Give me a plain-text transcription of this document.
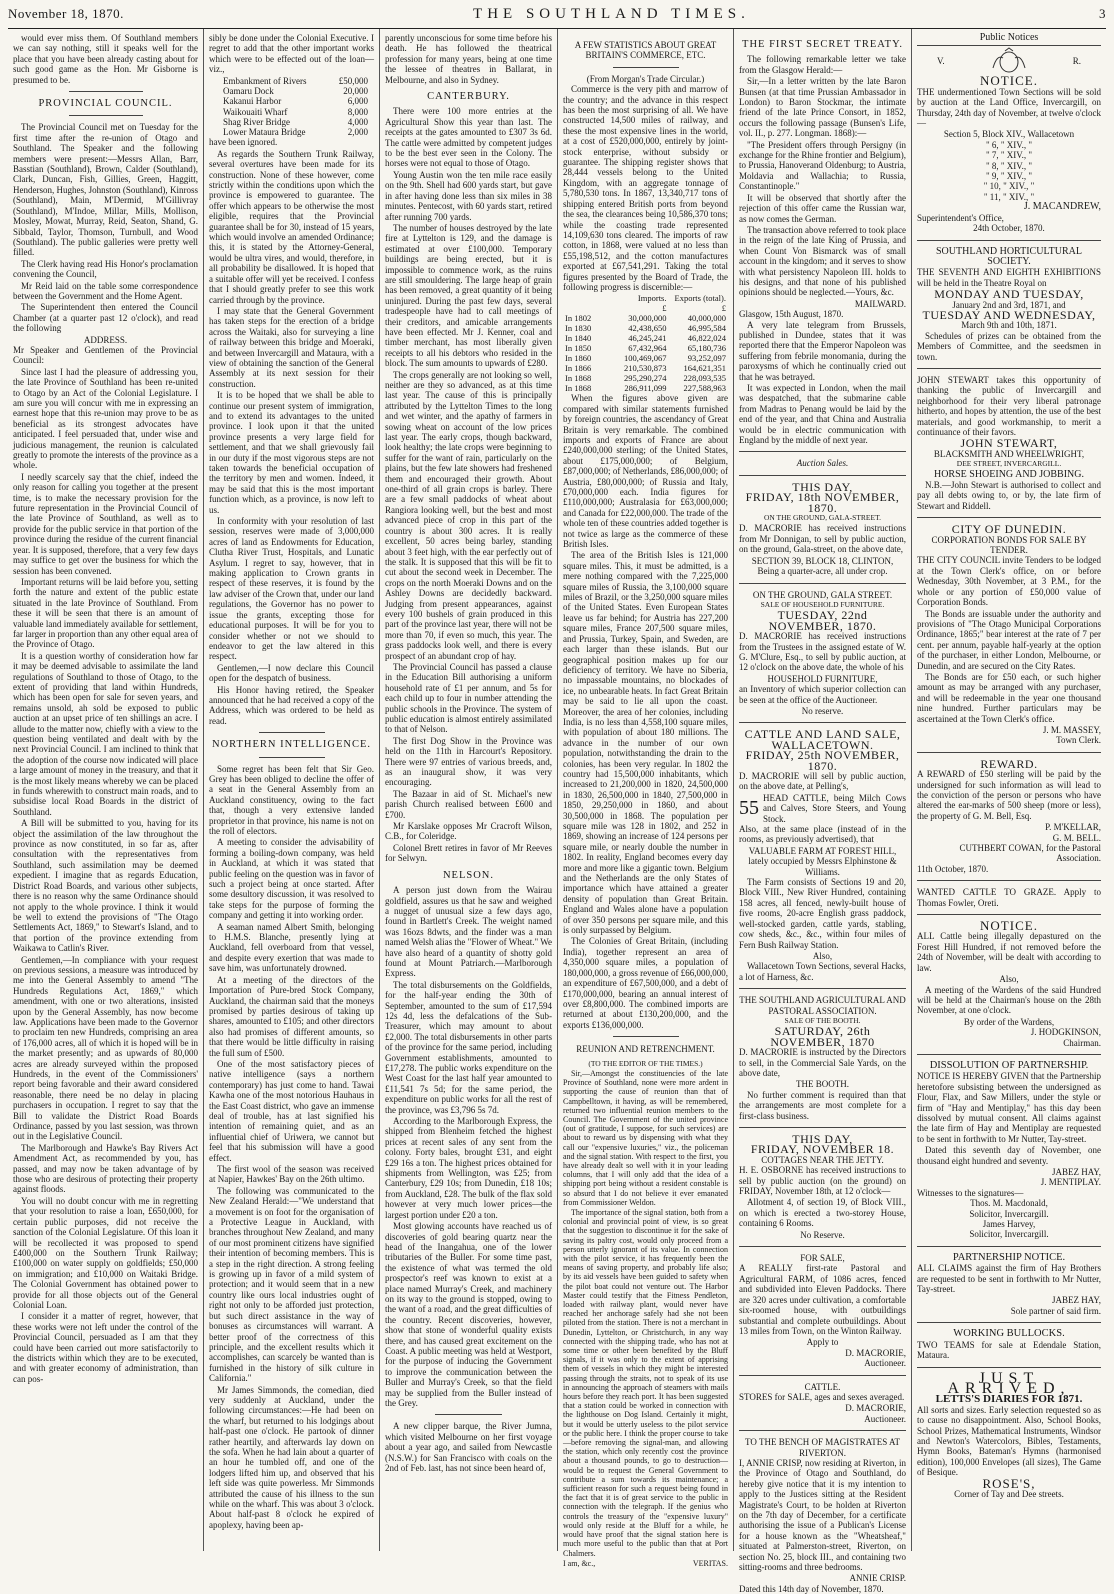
November 18, 1870.	THE SOUTHLAND TIMES.	3

would ever miss them. Of Southland members we can say nothing, still it speaks well for the place that you have been already casting about for such good game as the Hon. Mr Gisborne is presumed to be.

PROVINCIAL COUNCIL.

The Provincial Council met on Tuesday for the first time after the re-union of Otago and Southland. The Speaker and the following members were present:—Messrs Allan, Barr, Basstian (Southland), Brown, Calder (Southland), Clark, Duncan, Fish, Gillies, Green, Haggitt, Henderson, Hughes, Johnston (Southland), Kinross (Southland), Main, M'Dermid, M'Gillivray (Southland), M'Indoe, Millar, Mills, Mollison, Mosley, Mowat, Murray, Reid, Seaton, Shand, G. Sibbald, Taylor, Thomson, Turnbull, and Wood (Southland). The public galleries were pretty well filled.

The Clerk having read His Honor's proclamation convening the Council,

Mr Reid laid on the table some correspondence between the Government and the Home Agent.

The Superintendent then entered the Council Chamber (at a quarter past 12 o'clock), and read the following

ADDRESS.

Mr Speaker and Gentlemen of the Provincial Council:

Since last I had the pleasure of addressing you, the late Province of Southland has been re-united to Otago by an Act of the Colonial Legislature. I am sure you will concur with me in expressing an earnest hope that this re-union may prove to be as beneficial as its strongest advocates have anticipated. I feel persuaded that, under wise and judicious management, the reunion is calculated greatly to promote the interests of the province as a whole.

I needly scarcely say that the chief, indeed the only reason for calling you together at the present time, is to make the necessary provision for the future representation in the Provincial Council of the late Province of Southland, as well as to provide for the public service in that portion of the province during the residue of the current financial year. It is supposed, therefore, that a very few days may suffice to get over the business for which the session has been convened.

Important returns will be laid before you, setting forth the nature and extent of the public estate situated in the late Province of Southland. From these it will be seen that there is an amount of valuable land immediately available for settlement, far larger in proportion than any other equal area of the Province of Otago.

It is a question worthy of consideration how far it may be deemed advisable to assimilate the land regulations of Southland to those of Otago, to the extent of providing that land within Hundreds, which has been open for sale for seven years, and remains unsold, ah sold be exposed to public auction at an upset price of ten shillings an acre. I allude to the matter now, chiefly with a view to the question being ventilated and dealt with by the next Provincial Council. I am inclined to think that the adoption of the course now indicated will place a large amount of money in the treasury, and that it is the most likely means whereby we can be placed in funds wherewith to construct main roads, and to subsidise local Road Boards in the district of Southland.

A Bill will be submitted to you, having for its object the assimilation of the law throughout the province as now constituted, in so far as, after consultation with the representatives from Southland, such assimilation may be deemed expedient. I imagine that as regards Education, District Road Boards, and various other subjects, there is no reason why the same Ordinance should not apply to the whole province. I think it would be well to extend the provisions of "The Otago Settlements Act, 1869," to Stewart's Island, and to that portion of the province extending from Waikawa to Catlin's River.

Gentlemen,—In compliance with your request on previous sessions, a measure was introduced by me into the General Assembly to amend "The Hundreds Regulations Act, 1869," which amendment, with one or two alterations, insisted upon by the General Assembly, has now become law. Applications have been made to the Governor to proclaim ten new Hundreds, comprising an area of 176,000 acres, all of which it is hoped will be in the market presently; and as upwards of 80,000 acres are already surveyed within the proposed Hundreds, in the event of the Commissioners' report being favorable and their award considered reasonable, there need be no delay in placing purchasers in occupation. I regret to say that the Bill to validate the District Road Boards Ordinance, passed by you last session, was thrown out in the Legislative Council.

The Marlborough and Hawke's Bay Rivers Act Amendment Act, as recommended by you, has passed, and may now be taken advantage of by those who are desirous of protecting their property against floods.

You will no doubt concur with me in regretting that your resolution to raise a loan, £650,000, for certain public purposes, did not receive the sanction of the Colonial Legislature. Of this loan it will be recollected it was proposed to spend £400,000 on the Southern Trunk Railway; £100,000 on water supply on goldfields; £50,000 on immigration; and £10,000 on Waitaki Bridge. The Colonial Government has obtained power to provide for all those objects out of the General Colonial Loan.

I consider it a matter of regret, however, that these works were not left under the control of the Provincial Council, persuaded as I am that they could have been carried out more satisfactorily to the districts within which they are to be executed, and with greater economy of administration, than can pos-

sibly be done under the Colonial Executive. I regret to add that the other important works which were to be effected out of the loan—viz.,

Embankment of Rivers	£50,000
Oamaru Dock	20,000
Kakanui Harbor	6,000
Waikouaiti Wharf	8,000
Shag River Bridge	4,000
Lower Mataura Bridge	2,000

have been ignored.

As regards the Southern Trunk Railway, several overtures have been made for its construction. None of these however, come strictly within the conditions upon which the province is empowered to guarantee. The offer which appears to be otherwise the most eligible, requires that the Provincial guarantee shall be for 30, instead of 15 years, which would involve an amended Ordinance; this, it is stated by the Attorney-General, would be ultra vires, and would, therefore, in all probability be disallowed. It is hoped that a suitable offer will yet be received. I confess that I should greatly prefer to see this work carried through by the province.

I may state that the General Government has taken steps for the erection of a bridge across the Waitaki, also for surveying a line of railway between this bridge and Moeraki, and between Invercargill and Mataura, with a view of obtaining the sanction of the General Assembly at its next session for their construction.

It is to be hoped that we shall be able to continue our present system of immigration, and to extend its advantages to the united province. I look upon it that the united province presents a very large field for settlement, and that we shall grievously fail in our duty if the most vigorous steps are not taken towards the beneficial occupation of the territory by men and women. Indeed, it may be said that this is the most important function which, as a province, is now left to us.

In conformity with your resolution of last session, reserves were made of 3,000,000 acres of land as Endowments for Education, Clutha River Trust, Hospitals, and Lunatic Asylum. I regret to say, however, that in making application to Crown grants in respect of these reserves, it is found by the law adviser of the Crown that, under our land regulations, the Governor has no power to issue the grants, excepting those for educational purposes. It will be for you to consider whether or not we should to endeavor to get the law altered in this respect.

Gentlemen,—I now declare this Council open for the despatch of business.

His Honor having retired, the Speaker announced that he had received a copy of the Address, which was ordered to be held as read.

NORTHERN INTELLIGENCE.

Some regret has been felt that Sir Geo. Grey has been obliged to decline the offer of a seat in the General Assembly from an Auckland constituency, owing to the fact that, though a very extensive landed proprietor in that province, his name is not on the roll of electors.

A meeting to consider the advisability of forming a boiling-down company, was held in Auckland, at which it was stated that public feeling on the question was in favor of such a project being at once started. After some desultory discussion, it was resolved to take steps for the purpose of forming the company and getting it into working order.

A seaman named Albert Smith, belonging to H.M.S. Blanche, presently lying at Auckland, fell overboard from that vessel, and despite every exertion that was made to save him, was unfortunately drowned.

At a meeting of the directors of the Importation of Pure-bred Stock Company, Auckland, the chairman said that the moneys promised by parties desirous of taking up shares, amounted to £105; and other directors also had promises of different amounts, so that there would be little difficulty in raising the full sum of £500.

One of the most satisfactory pieces of native intelligence (says a northern contemporary) has just come to hand. Tawai Kawha one of the most notorious Hauhaus in the East Coast district, who gave an immense deal of trouble, has at last signified his intention of remaining quiet, and as an influential chief of Uriwera, we cannot but feel that his submission will have a good effect.

The first wool of the season was received at Napier, Hawkes' Bay on the 26th ultimo.

The following was communicated to the New Zealand Herald:—"We understand that a movement is on foot for the organisation of a Protective League in Auckland, with branches throughout New Zealand, and many of our most prominent citizens have signified their intention of becoming members. This is a step in the right direction. A strong feeling is growing up in favor of a mild system of protection; and it would seem that in a new country like ours local industries ought of right not only to be afforded just protection, but such direct assistance in the way of bonuses as circumstances will warrant. A better proof of the correctness of this principle, and the excellent results which it accomplishes, can scarcely be wanted than is furnished in the history of silk culture in California."

Mr James Simmonds, the comedian, died very suddenly at Auckland, under the following circumstances:—He had been on the wharf, but returned to his lodgings about half-past one o'clock. He partook of dinner rather heartily, and afterwards lay down on the sofa. When he had lain about a quarter of an hour he tumbled off, and one of the lodgers lifted him up, and observed that his left side was quite powerless. Mr Simmonds attributed the cause of his illness to the sun while on the wharf. This was about 3 o'clock. About half-past 8 o'clock he expired of apoplexy, having been ap-

parently unconscious for some time before his death. He has followed the theatrical profession for many years, being at one time the lessee of theatres in Ballarat, in Melbourne, and also in Sydney.

CANTERBURY.

There were 100 more entries at the Agricultural Show this year than last. The receipts at the gates amounted to £307 3s 6d. The cattle were admitted by competent judges to be the best ever seen in the Colony. The horses were not equal to those of Otago.

Young Austin won the ten mile race easily on the 9th. Shell had 600 yards start, but gave in after having done less than six miles in 38 minutes. Pentecost, with 60 yards start, retired after running 700 yards.

The number of houses destroyed by the late fire at Lyttelton is 129, and the damage is estimated at over £100,000. Temporary buildings are being erected, but it is impossible to commence work, as the ruins are still smouldering. The large heap of grain has been removed, a great quantity of it being uninjured. During the past few days, several tradespeople have had to call meetings of their creditors, and amicable arrangements have been effected. Mr J. Kenner, coal and timber merchant, has most liberally given receipts to all his debtors who resided in the block. The sum amounts to upwards of £280.

The crops generally are not looking so well, neither are they so advanced, as at this time last year. The cause of this is principally attributed by the Lyttelton Times to the long and wet winter, and the apathy of farmers in sowing wheat on account of the low prices last year. The early crops, though backward, look healthy; the late crops were beginning to suffer for the want of rain, particularly on the plains, but the few late showers had freshened them and encouraged their growth. About one-third of all grain crops is barley. There are a few small paddocks of wheat about Rangiora looking well, but the best and most advanced piece of crop in this part of the country is about 300 acres. It is really excellent, 50 acres being barley, standing about 3 feet high, with the ear perfectly out of the stalk. It is supposed that this will be fit to cut about the second week in December. The crops on the north Moeraki Downs and on the Ashley Downs are decidedly backward. Judging from present appearances, against every 100 bushels of grain produced in this part of the province last year, there will not be more than 70, if even so much, this year. The grass paddocks look well, and there is every prospect of an abundant crop of hay.

The Provincial Council has passed a clause in the Education Bill authorising a uniform household rate of £1 per annum, and 5s for each child up to four in number attending the public schools in the Province. The system of public education is almost entirely assimilated to that of Nelson.

The first Dog Show in the Province was held on the 11th in Harcourt's Repository. There were 97 entries of various breeds, and, as an inaugural show, it was very encouraging.

The Bazaar in aid of St. Michael's new parish Church realised between £600 and £700.

Mr Karslake opposes Mr Cracroft Wilson, C.B., for Coleridge.

Colonel Brett retires in favor of Mr Reeves for Selwyn.

NELSON.

A person just down from the Wairau goldfield, assures us that he saw and weighed a nugget of unusual size a few days ago, found in Bartlett's Creek. The weight named was 16ozs 8dwts, and the finder was a man named Welsh alias the "Flower of Wheat." We have also heard of a quantity of shotty gold found at Mount Patriarch.—Marlborough Express.

The total disbursements on the Goldfields, for the half-year ending the 30th of September, amounted to the sum of £17,594 12s 4d, less the defalcations of the Sub-Treasurer, which may amount to about £2,000. The total disbursements in other parts of the province for the same period, including Government establishments, amounted to £17,278. The public works expenditure on the West Coast for the last half year amounted to £11,541 7s 5d; for the same period, the expenditure on public works for all the rest of the province, was £3,796 5s 7d.

According to the Marlborough Express, the shipped from Blenheim fetched the highest prices at recent sales of any sent from the colony. Forty bales, brought £31, and eight £29 16s a ton. The highest prices obtained for shipments from Wellington, was £25; from Canterbury, £29 10s; from Dunedin, £18 10s; from Auckland, £28. The bulk of the flax sold however at very much lower prices—the largest portion under £20 a ton.

Most glowing accounts have reached us of discoveries of gold bearing quartz near the head of the Inangahua, one of the lower tributaries of the Buller. For some time past, the existence of what was termed the old prospector's reef was known to exist at a place named Murray's Creek, and machinery on its way to the ground is stopped, owing to the want of a road, and the great difficulties of the country. Recent discoveries, however, show that stone of wonderful quality exists there, and has caused great excitement on the Coast. A public meeting was held at Westport, for the purpose of inducing the Government to improve the communication between the Buller and Murray's Creek, so that the field may be supplied from the Buller instead of the Grey.

A new clipper barque, the River Jumna, which visited Melbourne on her first voyage about a year ago, and sailed from Newcastle (N.S.W.) for San Francisco with coals on the 2nd of Feb. last, has not since been heard of,

A FEW STATISTICS ABOUT GREAT BRITAIN'S COMMERCE, ETC.
(From Morgan's Trade Circular.)

Commerce is the very pith and marrow of the country; and the advance in this respect has been the most surprising of all. We have constructed 14,500 miles of railway, and these the most expensive lines in the world, at a cost of £520,000,000, entirely by joint-stock enterprise, without subsidy or guarantee. The shipping register shows that 28,444 vessels belong to the United Kingdom, with an aggregate tonnage of 5,780,530 tons. In 1867, 13,340,717 tons of shipping entered British ports from beyond the sea, the clearances being 10,586,370 tons; while the coasting trade represented 14,109,630 tons cleared. The imports of raw cotton, in 1868, were valued at no less than £55,198,512, and the cotton manufactures exported at £67,541,291. Taking the total figures presented by the Board of Trade, the following progress is discernible:—

Imports. Exports (total).
£	£
In 1802	30,000,000	40,000,000
In 1830	42,438,650	46,995,584
In 1840	46,245,241	46,822,024
In 1850	67,432,964	65,180,736
In 1860	100,469,067	93,252,097
In 1866	210,530,873	164,621,351
In 1868	295,290,274	228,093,535
In 1868	286,911,099	227,588,963

When the figures above given are compared with similar statements furnished by foreign countries, the ascendancy of Great Britain is very remarkable. The combined imports and exports of France are about £240,000,000 sterling; of the United States, about £175,000,000; of Belgium, £87,000,000; of Netherlands, £86,000,000; of Austria, £80,000,000; of Russia and Italy, £70,000,000 each. India figures for £110,000,000; Australasia for £63,000,000; and Canada for £22,000,000. The trade of the whole ten of these countries added together is not twice as large as the commerce of these British Isles.

The area of the British Isles is 121,000 square miles. This, it must be admitted, is a mere nothing compared with the 7,225,000 square miles of Russia, the 3,100,000 square miles of Brazil, or the 3,250,000 square miles of the United States. Even European States leave us far behind; for Austria has 227,200 square miles, France 207,500 square miles, and Prussia, Turkey, Spain, and Sweden, are each larger than these islands. But our geographical position makes up for our deficiency of territory. We have no Siberia, no impassable mountains, no blockades of ice, no unbearable heats. In fact Great Britain may be said to lie all upon the coast. Moreover, the area of her colonies, including India, is no less than 4,558,100 square miles, with population of about 180 millions. The advance in the number of our own population, notwithstanding the drain to the colonies, has been very regular. In 1802 the country had 15,500,000 inhabitants, which increased to 21,200,000 in 1820, 24,500,000 in 1830, 26,500,000 in 1840, 27,500,000 in 1850, 29,250,000 in 1860, and about 30,500,000 in 1868. The population per square mile was 128 in 1802, and 252 in 1869, showing an increase of 124 persons per square mile, or nearly double the number in 1802. In reality, England becomes every day more and more like a gigantic town. Belgium and the Netherlands are the only States of importance which have attained a greater density of population than Great Britain. England and Wales alone have a population of over 350 persons per square mile, and this is only surpassed by Belgium.

The Colonies of Great Britain, (including India), together represent an area of 4,350,000 square miles, a population of 180,000,000, a gross revenue of £66,000,000, an expenditure of £67,500,000, and a debt of £170,000,000, bearing an annual interest of over £8,800,000. The combined imports are returned at about £130,200,000, and the exports £136,000,000.

REUNION AND RETRENCHMENT.
(TO THE EDITOR OF THE TIMES.)

Sir,—Amongst the constituencies of the late Province of Southland, none were more ardent in supporting the cause of reunion than that of Campbelltown, it having, as will be remembered, returned two influential reunion members to the Council. The Government of the united province (out of gratitude, I suppose, for such services) are about to reward us by dispensing with what they call our "expensive luxuries," viz., the policeman and the signal station. With respect to the first, you have already dealt so well with it in your leading columns, that I will only add that the idea of a shipping port being without a resident constable is so absurd that I do not believe it ever emanated from Commissioner Weldon.

The importance of the signal station, both from a colonial and provincial point of view, is so great that the suggestion to discontinue it for the sake of saving its paltry cost, would only proceed from a person utterly ignorant of its value. In connection with the pilot service, it has frequently been the means of saving property, and probably life also; by its aid vessels have been guided to safety when the pilot boat could not venture out. The Harbor Master could testify that the Fitness Pendleton, loaded with railway plant, would never have reached her anchorage safely had she not been piloted from the station. There is not a merchant in Dunedin, Lyttelton, or Christchurch, in any way connected with the shipping trade, who has not at some time or other been benefited by the Bluff signals, if it was only to the extent of apprising them of vessels in which they might be interested passing through the straits, not to speak of its use in announcing the approach of steamers with mails hours before they reach port. It has been suggested that a station could be worked in connection with the lighthouse on Dog Island. Certainly it might, but it would be utterly useless to the pilot service or the public here. I think the proper course to take—before removing the signal-man, and allowing the station, which only recently cost the province about a thousand pounds, to go to destruction—would be to request the General Government to contribute a sum towards its maintenance; a sufficient reason for such a request being found in the fact that it is of great service to the public in connection with the telegraph. If the genius who controls the treasury of the "expensive luxury" would only reside at the Bluff for a while, he would have proof that the signal station here is much more useful to the public than that at Port Chalmers.

I am, &c.,	VERITAS.
THE FIRST SECRET TREATY.

The following remarkable letter we take from the Glasgow Herald:—

Sir,—In a letter written by the late Baron Bunsen (at that time Prussian Ambassador in London) to Baron Stockmar, the intimate friend of the late Prince Consort, in 1852, occurs the following passage (Bunsen's Life, vol. II., p. 277. Longman. 1868):—

"The President offers through Persigny (in exchange for the Rhine frontier and Belgium), to Prussia, Hanoverand Oldenburg; to Austria, Moldavia and Wallachia; to Russia, Constantinople."

It will be observed that shortly after the rejection of this offer came the Russian war, as now comes the German.

The transaction above referred to took place in the reign of the late King of Prussia, and when Count Von Bismarck was of small account in the kingdom; and it serves to show with what persistency Napoleon III. holds to his designs, and that none of his published opinions should be neglected.—Yours, &c.

MAILWARD.
Glasgow, 15th August, 1870.

A very late telegram from Brussels, published in Dundee, states that it was reported there that the Emperor Napoleon was suffering from febrile monomania, during the paroxysms of which he continually cried out that he was betrayed.

It was expected in London, when the mail was despatched, that the submarine cable from Madras to Penang would be laid by the end of the year, and that China and Australia would be in electric communication with England by the middle of next year.

Auction Sales.
THIS DAY,
FRIDAY, 18th NOVEMBER, 1870.
ON THE GROUND, GALA-STREET.

D. MACRORIE has received instructions from Mr Donnigan, to sell by public auction, on the ground, Gala-street, on the above date,

SECTION 39, BLOCK 18, CLINTON,
Being a quarter-acre, all under crop.
ON THE GROUND, GALA STREET.
SALE OF HOUSEHOLD FURNITURE.
TUESDAY, 22nd NOVEMBER, 1870.

D. MACRORIE has received instructions from the Trustees in the assigned estate of W. G. M'Clure, Esq., to sell by public auction, at 12 o'clock on the above date, the whole of his

HOUSEHOLD FURNITURE,

an Inventory of which superior collection can be seen at the office of the Auctioneer.

No reserve.
CATTLE AND LAND SALE, WALLACETOWN.
FRIDAY, 25th NOVEMBER, 1870.

D. MACRORIE will sell by public auction, on the above date, at Pelling's,

55 HEAD CATTLE, being Milch Cows and Calves, Store Steers, and Young Stock.

Also, at the same place (instead of in the rooms, as previously advertised), that

VALUABLE FARM AT FOREST HILL,
lately occupied by Messrs Elphinstone & Williams.

The Farm consists of Sections 19 and 20, Block VIII., New River Hundred, containing 158 acres, all fenced, newly-built house of five rooms, 20-acre English grass paddock, well-stocked garden, cattle yards, stabling, cow sheds, &c., &c., within four miles of Fern Bush Railway Station.

Also,

Wallacetown Town Sections, several Hacks, a lot of Harness, &c.

THE SOUTHLAND AGRICULTURAL AND PASTORAL ASSOCIATION.
SALE OF THE BOOTH.
SATURDAY, 26th NOVEMBER, 1870

D. MACRORIE is instructed by the Directors to sell, in the Commercial Sale Yards, on the above date,

THE BOOTH.

No further comment is required than that the arrangements are most complete for a first-class business.

THIS DAY,
FRIDAY, NOVEMBER 18.
COTTAGES NEAR THE JETTY.

H. E. OSBORNE has received instructions to sell by public auction (on the ground) on FRIDAY, November 18th, at 12 o'clock—

Allotment 4, of section 19, of Block VIII., on which is erected a two-storey House, containing 6 Rooms.

No Reserve.
FOR SALE,

A REALLY first-rate Pastoral and Agricultural FARM, of 1086 acres, fenced and subdivided into Eleven Paddocks. There are 320 acres under cultivation, a comfortable six-roomed house, with outbuildings substantial and complete outbuildings. About 13 miles from Town, on the Winton Railway.

Apply to
D. MACRORIE,
Auctioneer.
CATTLE.

STORES for SALE, ages and sexes averaged.

D. MACRORIE,
Auctioneer.
TO THE BENCH OF MAGISTRATES AT RIVERTON.

I, ANNIE CRISP, now residing at Riverton, in the Province of Otago and Southland, do hereby give notice that it is my intention to apply to the Justices sitting at the Resident Magistrate's Court, to be holden at Riverton on the 7th day of December, for a certificate authorising the issue of a Publican's License for a house known as the "Wheatsheaf," situated at Palmerston-street, Riverton, on section No. 25, block III., and containing two sitting-rooms and three bedrooms.

ANNIE CRISP.
Dated this 14th day of November, 1870.
Public Notices
V.	R.
NOTICE.

THE undermentioned Town Sections will be sold by auction at the Land Office, Invercargill, on Thursday, 24th day of November, at twelve o'clock—

Section 5, Block XIV., Wallacetown
" 6, " XIV., "
" 7, " XIV., "
" 8, " XIV., "
" 9, " XIV., "
" 10, " XIV., "
" 11, " XIV., "
J. MACANDREW,
Superintendent's Office,
24th October, 1870.
SOUTHLAND HORTICULTURAL SOCIETY.

THE SEVENTH AND EIGHTH EXHIBITIONS will be held in the Theatre Royal on

MONDAY AND TUESDAY,
January 2nd and 3rd, 1871, and
TUESDAY AND WEDNESDAY,
March 9th and 10th, 1871.

Schedules of prizes can be obtained from the Members of Committee, and the seedsmen in town.

JOHN STEWART takes this opportunity of thanking the public of Invercargill and neighborhood for their very liberal patronage hitherto, and hopes by attention, the use of the best materials, and good workmanship, to merit a continuance of their favors.

JOHN STEWART,
BLACKSMITH AND WHEELWRIGHT,
DEE STREET, INVERCARGILL.
HORSE SHOEING AND JOBBING.

N.B.—John Stewart is authorised to collect and pay all debts owing to, or by, the late firm of Stewart and Riddell.

CITY OF DUNEDIN.
CORPORATION BONDS FOR SALE BY TENDER.

THE CITY COUNCIL invite Tenders to be lodged at the Town Clerk's office, on or before Wednesday, 30th November, at 3 P.M., for the whole or any portion of £50,000 value of Corporation Bonds.

The Bonds are issuable under the authority and provisions of "The Otago Municipal Corporations Ordinance, 1865;" bear interest at the rate of 7 per cent. per annum, payable half-yearly at the option of the purchaser, in either London, Melbourne, or Dunedin, and are secured on the City Rates.

The Bonds are for £50 each, or such higher amount as may be arranged with any purchaser, and will be redeemable in the year one thousand nine hundred. Further particulars may be ascertained at the Town Clerk's office.

J. M. MASSEY,
Town Clerk.
REWARD.

A REWARD of £50 sterling will be paid by the undersigned for such information as will lead to the conviction of the person or persons who have altered the ear-marks of 500 sheep (more or less), the property of G. M. Bell, Esq.

P. M'KELLAR,
G. M. BELL.
CUTHBERT COWAN, for the Pastoral Association.
11th October, 1870.

WANTED CATTLE TO GRAZE. Apply to Thomas Fowler, Oreti.

NOTICE.

ALL Cattle being illegally depastured on the Forest Hill Hundred, if not removed before the 24th of November, will be dealt with according to law.

Also,

A meeting of the Wardens of the said Hundred will be held at the Chairman's house on the 28th November, at one o'clock.

By order of the Wardens,
J. HODGKINSON,
Chairman.
DISSOLUTION OF PARTNERSHIP.

NOTICE IS HEREBY GIVEN that the Partnership heretofore subsisting between the undersigned as Flour, Flax, and Saw Millers, under the style or firm of "Hay and Mentiplay," has this day been dissolved by mutual consent. All claims against the late firm of Hay and Mentiplay are requested to be sent in forthwith to Mr Nutter, Tay-street.

Dated this seventh day of November, one thousand eight hundred and seventy.

JABEZ HAY,
J. MENTIPLAY.
Witnesses to the signatures—
Thos. M. Macdonald,
Solicitor, Invercargill.
James Harvey,
Solicitor, Invercargill.
PARTNERSHIP NOTICE.

ALL CLAIMS against the firm of Hay Brothers are requested to be sent in forthwith to Mr Nutter, Tay-street.

JABEZ HAY,
Sole partner of said firm.
WORKING BULLOCKS.

TWO TEAMS for sale at Edendale Station, Mataura.

JUST ARRIVED,
LETTS'S DIARIES FOR 1871.

All sorts and sizes. Early selection requested so as to cause no disappointment. Also, School Books, School Prizes, Mathematical Instruments, Windsor and Newton's Watercolors, Bibles, Testaments, Hymn Books, Bateman's Hymns (harmonised edition), 100,000 Envelopes (all sizes), The Game of Besique.

ROSE'S,
Corner of Tay and Dee streets.
